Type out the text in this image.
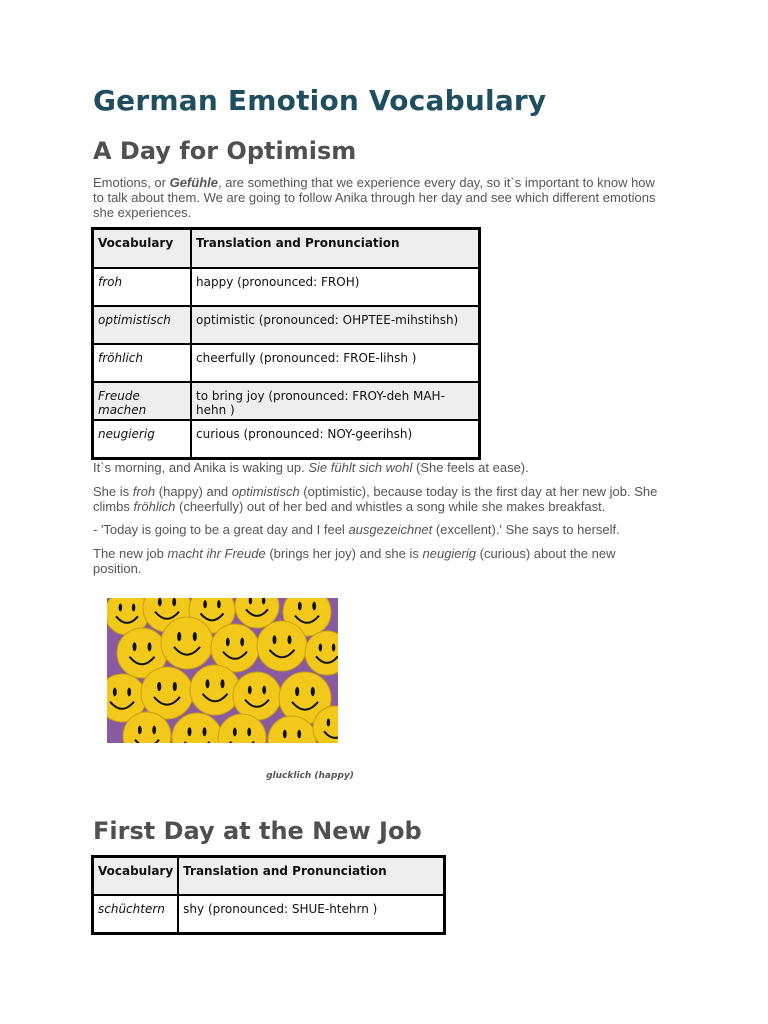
German Emotion Vocabulary
A Day for Optimism

Emotions, or Gefühle, are something that we experience every day, so it`s important to know how to talk about them. We are going to follow Anika through her day and see which different emotions she experiences.

Vocabulary	Translation and Pronunciation
froh	happy (pronounced: FROH)
optimistisch	optimistic (pronounced: OHPTEE-mihstihsh)
fröhlich	cheerfully (pronounced: FROE-lihsh )
Freude machen	to bring joy (pronounced: FROY-deh MAH-hehn )
neugierig	curious (pronounced: NOY-geerihsh)

It`s morning, and Anika is waking up. Sie fühlt sich wohl (She feels at ease).

She is froh (happy) and optimistisch (optimistic), because today is the first day at her new job. She climbs fröhlich (cheerfully) out of her bed and whistles a song while she makes breakfast.

- 'Today is going to be a great day and I feel ausgezeichnet (excellent).' She says to herself.

The new job macht ihr Freude (brings her joy) and she is neugierig (curious) about the new position.

glucklich (happy)
First Day at the New Job
Vocabulary	Translation and Pronunciation
schüchtern	shy (pronounced: SHUE-htehrn )
